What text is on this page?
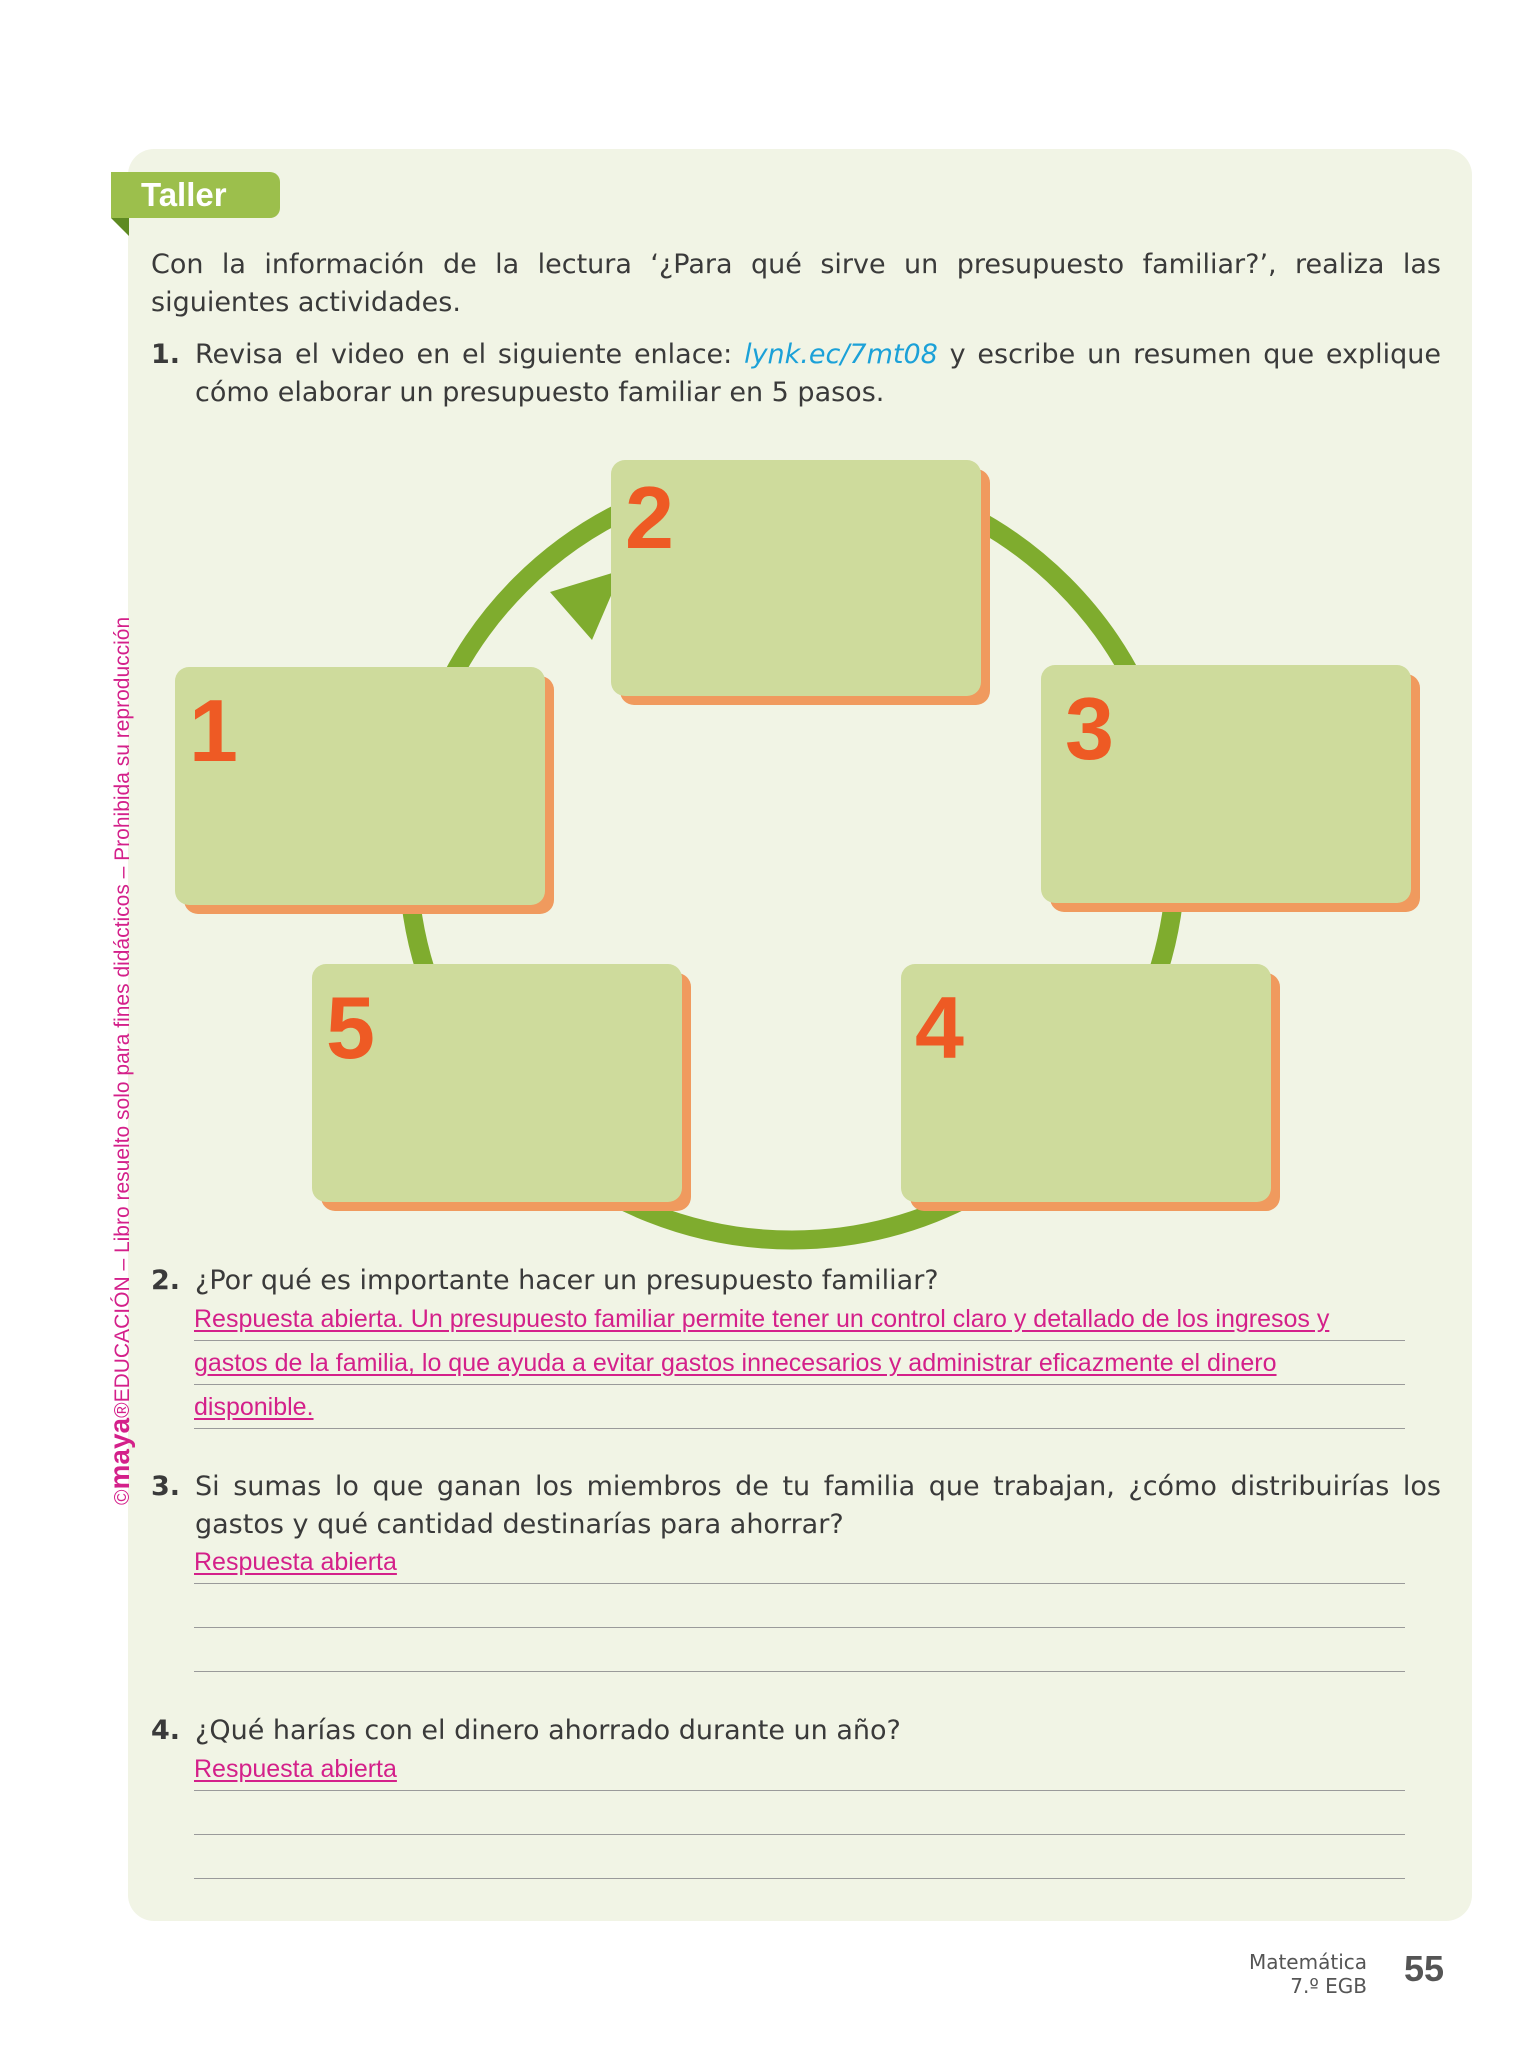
Taller
©maya®EDUCACIÓN – Libro resuelto solo para fines didácticos – Prohibida su reproducción
Con la información de la lectura ‘¿Para qué sirve un presupuesto familiar?’, realiza las siguientes actividades.
1. Revisa el video en el siguiente enlace: lynk.ec/7mt08 y escribe un resumen que explique cómo elaborar un presupuesto familiar en 5 pasos.
2
1	3
4
5
2. ¿Por qué es importante hacer un presupuesto familiar?
Respuesta abierta. Un presupuesto familiar permite tener un control claro y detallado de los ingresos y
gastos de la familia, lo que ayuda a evitar gastos innecesarios y administrar eficazmente el dinero
disponible.
3. Si sumas lo que ganan los miembros de tu familia que trabajan, ¿cómo distribuirías los gastos y qué cantidad destinarías para ahorrar?
Respuesta abierta
4. ¿Qué harías con el dinero ahorrado durante un año?
Respuesta abierta
Matemática
7.º EGB 55
